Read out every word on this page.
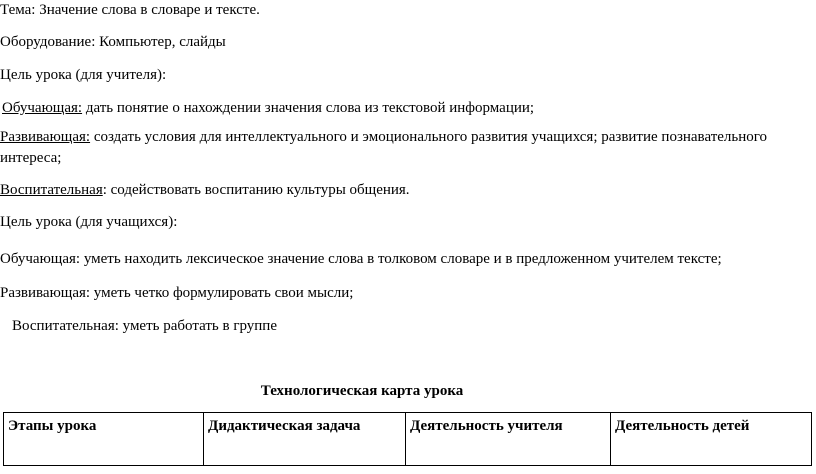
Тема: Значение слова в словаре и тексте.
Оборудование: Компьютер, слайды
Цель урока (для учителя):
Обучающая: дать понятие о нахождении значения слова из текстовой информации;
Развивающая: создать условия для интеллектуального и эмоционального развития учащихся; развитие познавательного интереса;
Воспитательная: содействовать воспитанию культуры общения.
Цель урока (для учащихся):
Обучающая: уметь находить лексическое значение слова в толковом словаре и в предложенном учителем тексте;
Развивающая: уметь четко формулировать свои мысли;
Воспитательная: уметь работать в группе
Технологическая карта урока
Этапы урока	Дидактическая задача	Деятельность учителя	Деятельность детей
